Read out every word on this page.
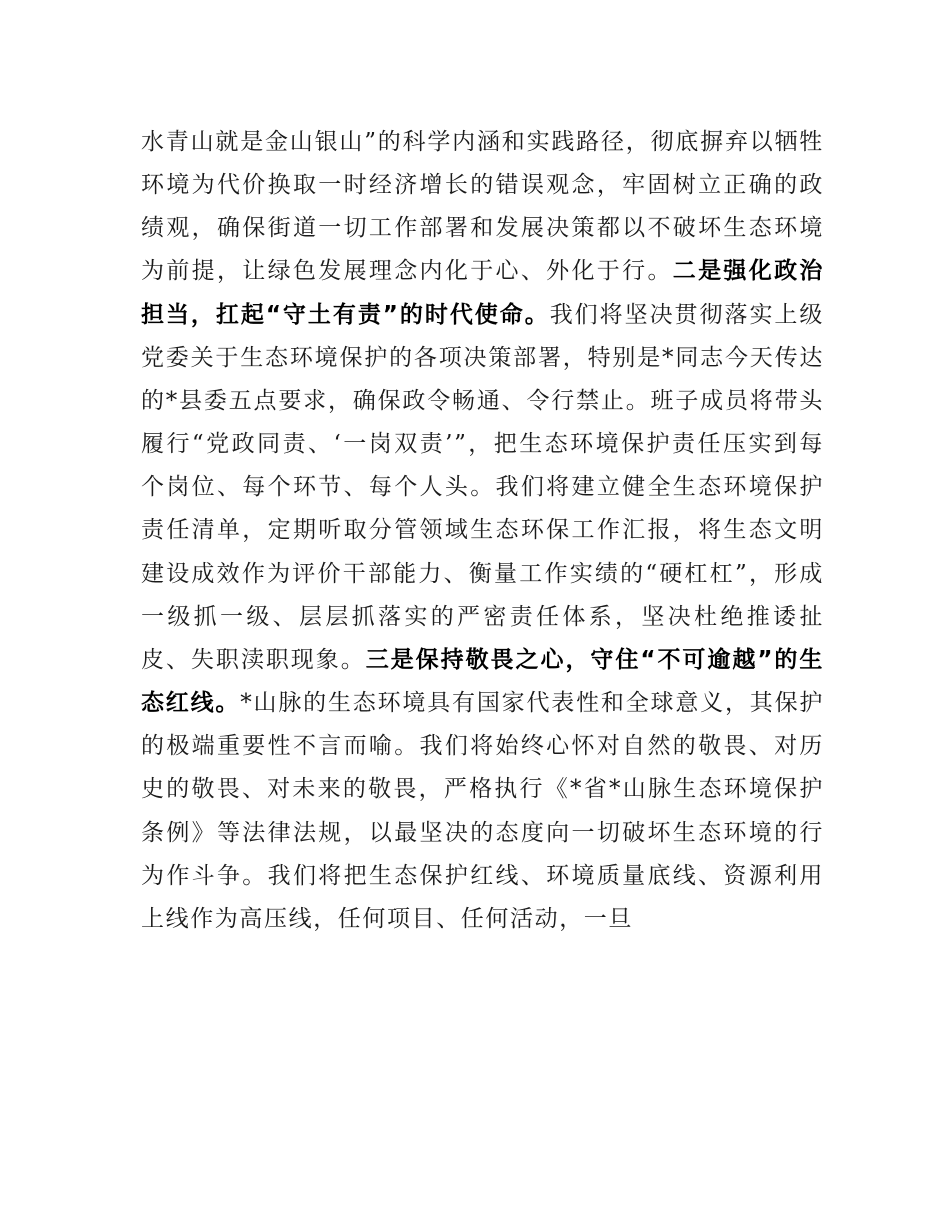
水青山就是金山银山”的科学内涵和实践路径，彻底摒弃以牺牲环境为代价换取一时经济增长的错误观念，牢固树立正确的政绩观，确保街道一切工作部署和发展决策都以不破坏生态环境为前提，让绿色发展理念内化于心、外化于行。二是强化政治担当，扛起“守土有责”的时代使命。我们将坚决贯彻落实上级党委关于生态环境保护的各项决策部署，特别是*同志今天传达的*县委五点要求，确保政令畅通、令行禁止。班子成员将带头履行“党政同责、‘一岗双责’”，把生态环境保护责任压实到每个岗位、每个环节、每个人头。我们将建立健全生态环境保护责任清单，定期听取分管领域生态环保工作汇报，将生态文明建设成效作为评价干部能力、衡量工作实绩的“硬杠杠”，形成一级抓一级、层层抓落实的严密责任体系，坚决杜绝推诿扯皮、失职渎职现象。三是保持敬畏之心，守住“不可逾越”的生态红线。*山脉的生态环境具有国家代表性和全球意义，其保护的极端重要性不言而喻。我们将始终心怀对自然的敬畏、对历史的敬畏、对未来的敬畏，严格执行《*省*山脉生态环境保护条例》等法律法规，以最坚决的态度向一切破坏生态环境的行为作斗争。我们将把生态保护红线、环境质量底线、资源利用上线作为高压线，任何项目、任何活动，一旦
